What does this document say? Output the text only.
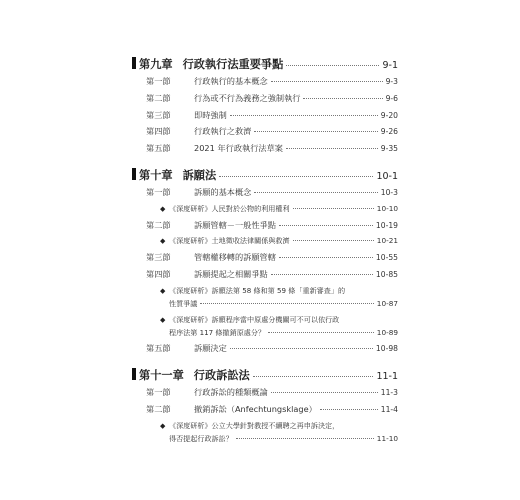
第九章 行政執行法重要爭點	9-1
第一節	行政執行的基本概念	9-3
第二節	行為或不行為義務之強制執行	9-6
第三節	即時強制	9-20
第四節	行政執行之救濟	9-26
第五節	2021 年行政執行法草案	9-35
第十章 訴願法	10-1
第一節	訴願的基本概念	10-3
◆ 《深度研析》人民對於公物的利用權利	10-10
第二節	訴願管轄－一般性爭點	10-19
◆ 《深度研析》土地徵收法律關係與救濟	10-21
第三節	管轄權移轉的訴願管轄	10-55
第四節	訴願提起之相關爭點	10-85
◆ 《深度研析》訴願法第 58 條和第 59 條「重新審查」的
性質爭議	10-87
◆ 《深度研析》訴願程序當中原處分機關可不可以依行政
程序法第 117 條撤銷原處分？	10-89
第五節	訴願決定	10-98
第十一章 行政訴訟法	11-1
第一節	行政訴訟的種類概論	11-3
第二節	撤銷訴訟（Anfechtungsklage）	11-4
◆ 《深度研析》公立大學針對教授不續聘之再申訴決定，
得否提起行政訴訟？	11-10
